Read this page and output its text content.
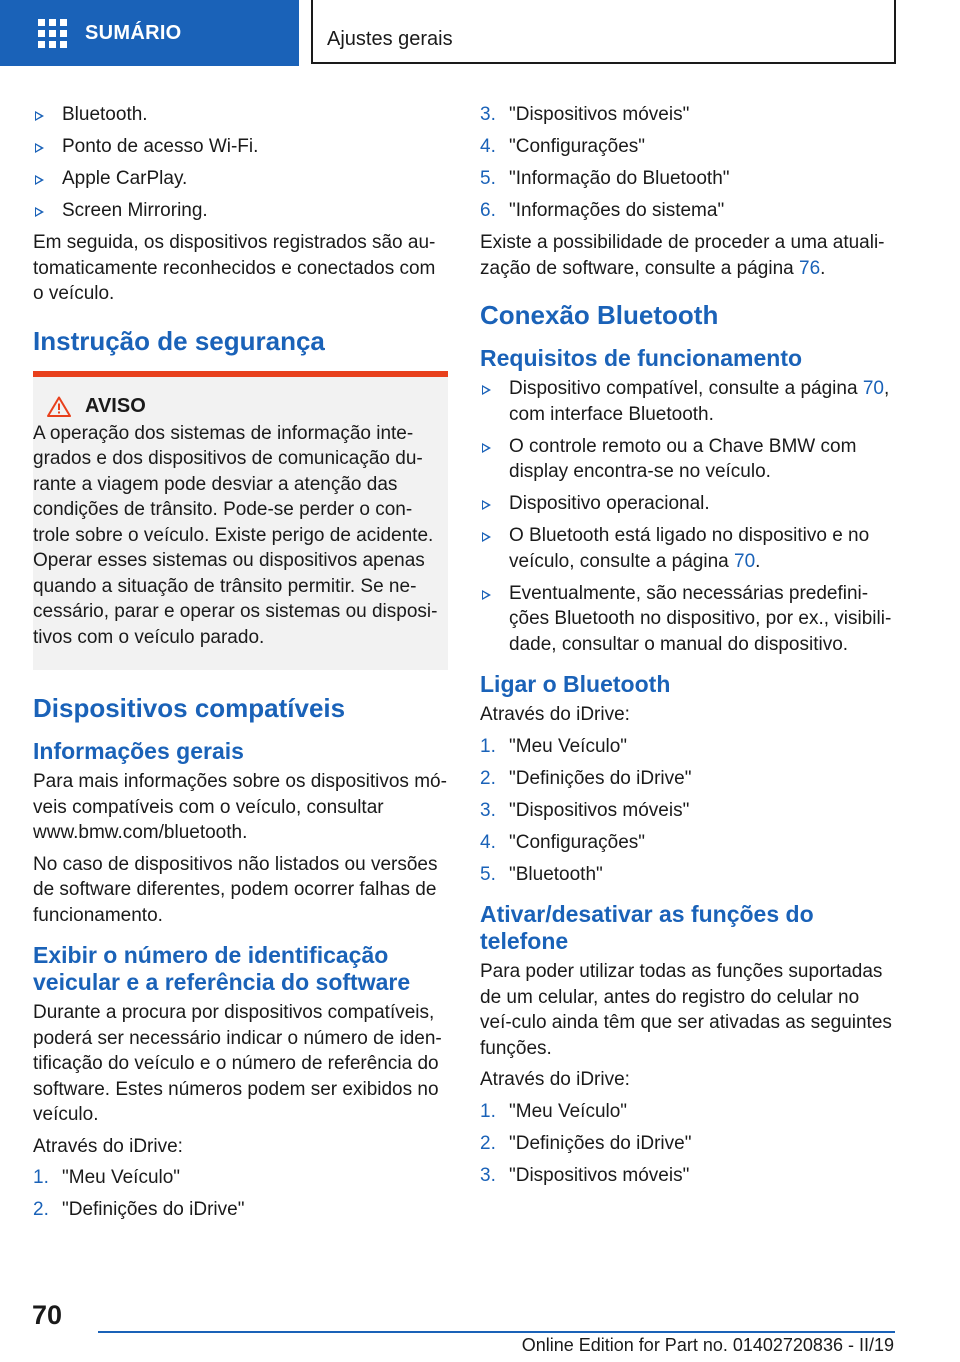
SUMÁRIO	Ajustes gerais
Bluetooth.
Ponto de acesso Wi-Fi.
Apple CarPlay.
Screen Mirroring.

Em seguida, os dispositivos registrados são au-tomaticamente reconhecidos e conectados com o veículo.

Instrução de segurança
AVISO

A operação dos sistemas de informação inte-grados e dos dispositivos de comunicação du-rante a viagem pode desviar a atenção das condições de trânsito. Pode-se perder o con-trole sobre o veículo. Existe perigo de acidente. Operar esses sistemas ou dispositivos apenas quando a situação de trânsito permitir. Se ne-cessário, parar e operar os sistemas ou disposi-tivos com o veículo parado.

Dispositivos compatíveis
Informações gerais

Para mais informações sobre os dispositivos mó-veis compatíveis com o veículo, consultar www.bmw.com/bluetooth.

No caso de dispositivos não listados ou versões de software diferentes, podem ocorrer falhas de funcionamento.

Exibir o número de identificação veicular e a referência do software

Durante a procura por dispositivos compatíveis, poderá ser necessário indicar o número de iden-tificação do veículo e o número de referência do software. Estes números podem ser exibidos no veículo.

Através do iDrive:

1. "Meu Veículo"
2. "Definições do iDrive"
3. "Dispositivos móveis"
4. "Configurações"
5. "Informação do Bluetooth"
6. "Informações do sistema"

Existe a possibilidade de proceder a uma atuali-zação de software, consulte a página 76.

Conexão Bluetooth
Requisitos de funcionamento
Dispositivo compatível, consulte a página 70, com interface Bluetooth.
O controle remoto ou a Chave BMW com display encontra-se no veículo.
Dispositivo operacional.
O Bluetooth está ligado no dispositivo e no veículo, consulte a página 70.
Eventualmente, são necessárias predefini-ções Bluetooth no dispositivo, por ex., visibili-dade, consultar o manual do dispositivo.
Ligar o Bluetooth

Através do iDrive:

1. "Meu Veículo"
2. "Definições do iDrive"
3. "Dispositivos móveis"
4. "Configurações"
5. "Bluetooth"
Ativar/desativar as funções do telefone

Para poder utilizar todas as funções suportadas de um celular, antes do registro do celular no veí-culo ainda têm que ser ativadas as seguintes funções.

Através do iDrive:

1. "Meu Veículo"
2. "Definições do iDrive"
3. "Dispositivos móveis"
70
Online Edition for Part no. 01402720836 - II/19
